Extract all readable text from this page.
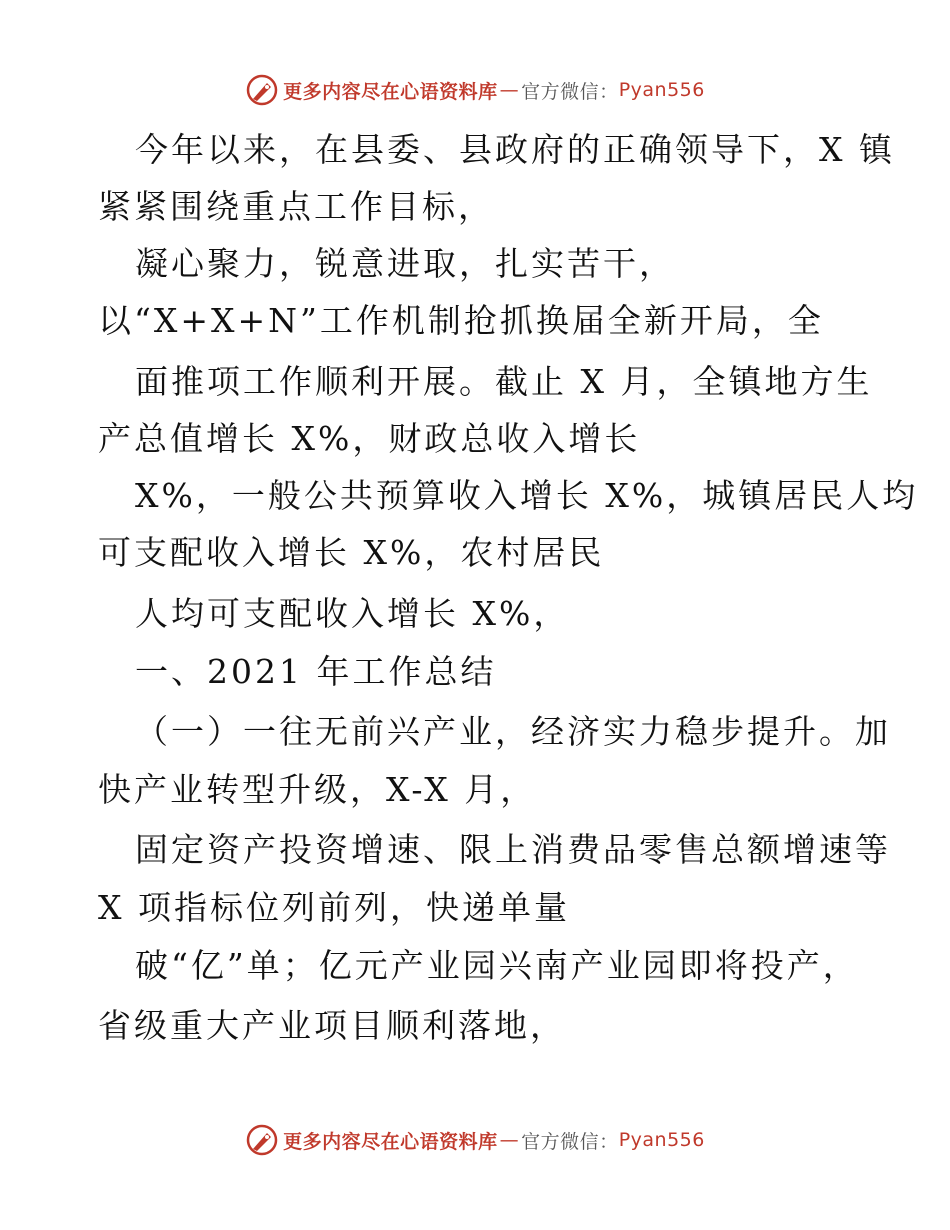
更多内容尽在心语资料库 — 官方微信： Pyan556
今年以来，在县委、县政府的正确领导下，X 镇
紧紧围绕重点工作目标，
凝心聚力，锐意进取，扎实苦干，
以“X+X+N”工作机制抢抓换届全新开局，全
面推项工作顺利开展。截止 X 月，全镇地方生
产总值增长 X%，财政总收入增长
X%，一般公共预算收入增长 X%，城镇居民人均
可支配收入增长 X%，农村居民
人均可支配收入增长 X%，
一、2021 年工作总结
（一）一往无前兴产业，经济实力稳步提升。加
快产业转型升级，X-X 月，
固定资产投资增速、限上消费品零售总额增速等
X 项指标位列前列，快递单量
破“亿”单；亿元产业园兴南产业园即将投产，
省级重大产业项目顺利落地，
更多内容尽在心语资料库 — 官方微信： Pyan556
